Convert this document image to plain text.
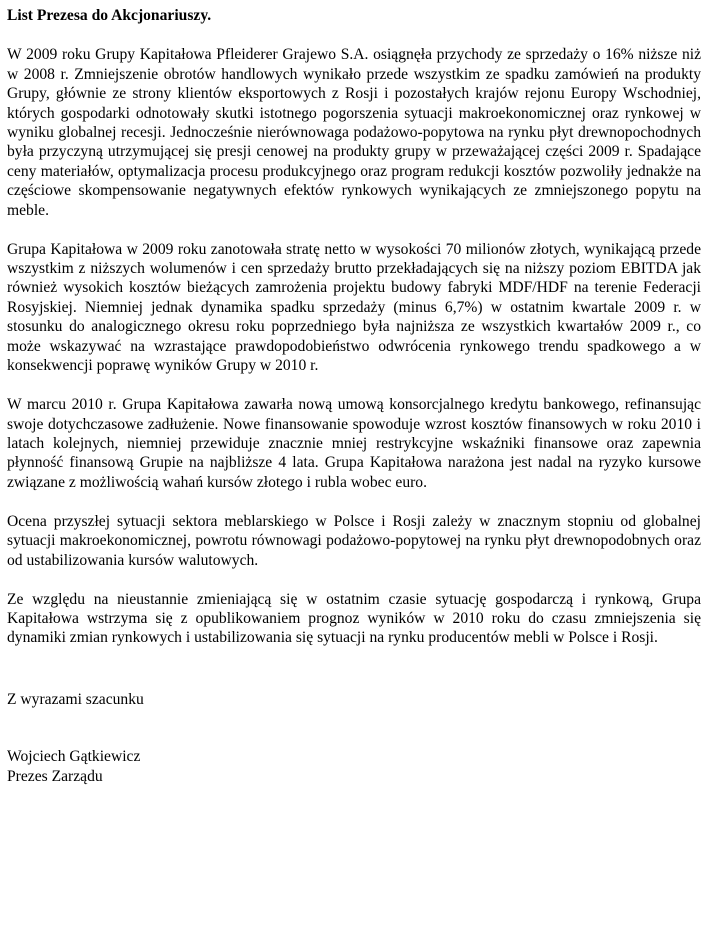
List Prezesa do Akcjonariuszy.

W 2009 roku Grupy Kapitałowa Pfleiderer Grajewo S.A. osiągnęła przychody ze sprzedaży o 16% niższe niż w 2008 r. Zmniejszenie obrotów handlowych wynikało przede wszystkim ze spadku zamówień na produkty Grupy, głównie ze strony klientów eksportowych z Rosji i pozostałych krajów rejonu Europy Wschodniej, których gospodarki odnotowały skutki istotnego pogorszenia sytuacji makroekonomicznej oraz rynkowej w wyniku globalnej recesji. Jednocześnie nierównowaga podażowo-popytowa na rynku płyt drewnopochodnych była przyczyną utrzymującej się presji cenowej na produkty grupy w przeważającej części 2009 r. Spadające ceny materiałów, optymalizacja procesu produkcyjnego oraz program redukcji kosztów pozwoliły jednakże na częściowe skompensowanie negatywnych efektów rynkowych wynikających ze zmniejszonego popytu na meble.

Grupa Kapitałowa w 2009 roku zanotowała stratę netto w wysokości 70 milionów złotych, wynikającą przede wszystkim z niższych wolumenów i cen sprzedaży brutto przekładających się na niższy poziom EBITDA jak również wysokich kosztów bieżących zamrożenia projektu budowy fabryki MDF/HDF na terenie Federacji Rosyjskiej. Niemniej jednak dynamika spadku sprzedaży (minus 6,7%) w ostatnim kwartale 2009 r. w stosunku do analogicznego okresu roku poprzedniego była najniższa ze wszystkich kwartałów 2009 r., co może wskazywać na wzrastające prawdopodobieństwo odwrócenia rynkowego trendu spadkowego a w konsekwencji poprawę wyników Grupy w 2010 r.

W marcu 2010 r. Grupa Kapitałowa zawarła nową umową konsorcjalnego kredytu bankowego, refinansując swoje dotychczasowe zadłużenie. Nowe finansowanie spowoduje wzrost kosztów finansowych w roku 2010 i latach kolejnych, niemniej przewiduje znacznie mniej restrykcyjne wskaźniki finansowe oraz zapewnia płynność finansową Grupie na najbliższe 4 lata. Grupa Kapitałowa narażona jest nadal na ryzyko kursowe związane z możliwością wahań kursów złotego i rubla wobec euro.

Ocena przyszłej sytuacji sektora meblarskiego w Polsce i Rosji zależy w znacznym stopniu od globalnej sytuacji makroekonomicznej, powrotu równowagi podażowo-popytowej na rynku płyt drewnopodobnych oraz od ustabilizowania kursów walutowych.

Ze względu na nieustannie zmieniającą się w ostatnim czasie sytuację gospodarczą i rynkową, Grupa Kapitałowa wstrzyma się z opublikowaniem prognoz wyników w 2010 roku do czasu zmniejszenia się dynamiki zmian rynkowych i ustabilizowania się sytuacji na rynku producentów mebli w Polsce i Rosji.

Z wyrazami szacunku
Wojciech Gątkiewicz
Prezes Zarządu
